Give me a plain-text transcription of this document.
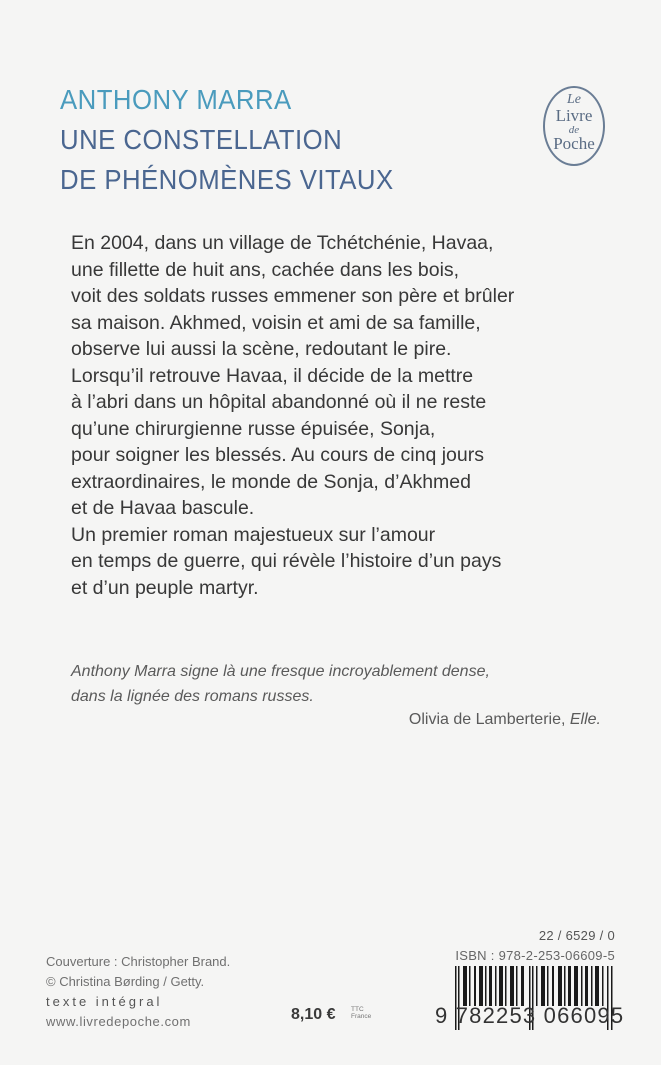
ANTHONY MARRA
UNE CONSTELLATION
DE PHÉNOMÈNES VITAUX
Le
Livre
de
Poche
En 2004, dans un village de Tchétchénie, Havaa,
une fillette de huit ans, cachée dans les bois,
voit des soldats russes emmener son père et brûler
sa maison. Akhmed, voisin et ami de sa famille,
observe lui aussi la scène, redoutant le pire.
Lorsqu’il retrouve Havaa, il décide de la mettre
à l’abri dans un hôpital abandonné où il ne reste
qu’une chirurgienne russe épuisée, Sonja,
pour soigner les blessés. Au cours de cinq jours
extraordinaires, le monde de Sonja, d’Akhmed
et de Havaa bascule.
Un premier roman majestueux sur l’amour
en temps de guerre, qui révèle l’histoire d’un pays
et d’un peuple martyr.
Anthony Marra signe là une fresque incroyablement dense,
dans la lignée des romans russes.
Olivia de Lamberterie, Elle.
Couverture : Christopher Brand.
© Christina Børding / Getty.
texte intégral
www.livredepoche.com	8,10 € TTC
France
22 / 6529 / 0
ISBN : 978-2-253-06609-5
9 782253 066095
